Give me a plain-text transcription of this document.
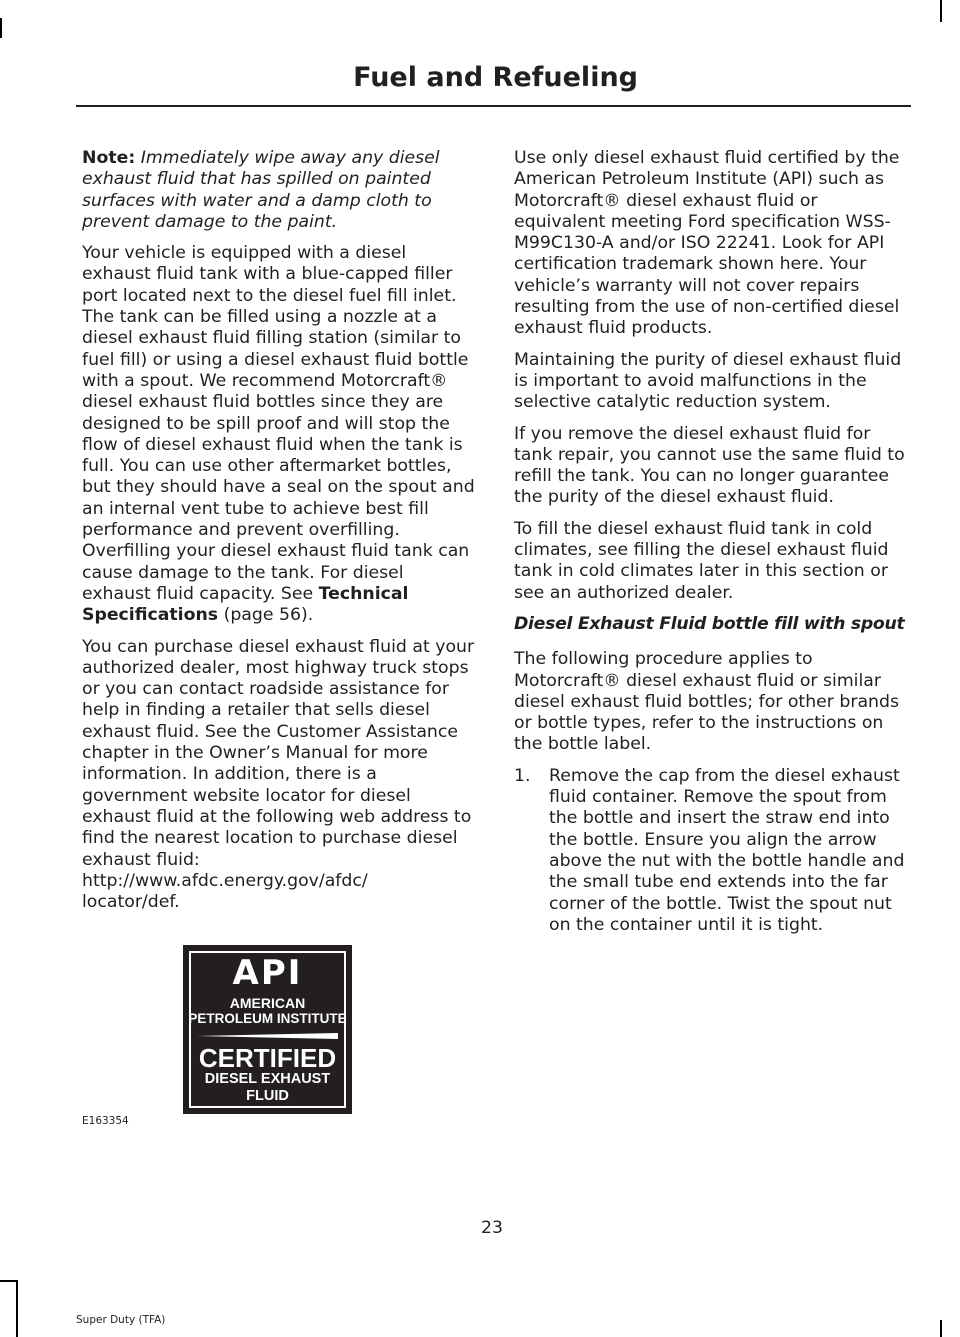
Fuel and Refueling

Note: Immediately wipe away any diesel exhaust fluid that has spilled on painted surfaces with water and a damp cloth to prevent damage to the paint.

Your vehicle is equipped with a diesel exhaust fluid tank with a blue-capped filler port located next to the diesel fuel fill inlet. The tank can be filled using a nozzle at a diesel exhaust fluid filling station (similar to fuel fill) or using a diesel exhaust fluid bottle with a spout. We recommend Motorcraft® diesel exhaust fluid bottles since they are designed to be spill proof and will stop the flow of diesel exhaust fluid when the tank is full. You can use other aftermarket bottles, but they should have a seal on the spout and an internal vent tube to achieve best fill performance and prevent overfilling. Overfilling your diesel exhaust fluid tank can cause damage to the tank. For diesel exhaust fluid capacity. See Technical Specifications (page 56).

You can purchase diesel exhaust fluid at your authorized dealer, most highway truck stops or you can contact roadside assistance for help in finding a retailer that sells diesel exhaust fluid. See the Customer Assistance chapter in the Owner’s Manual for more information. In addition, there is a government website locator for diesel exhaust fluid at the following web address to find the nearest location to purchase diesel exhaust fluid:
http://www.afdc.energy.gov/afdc/
locator/def.

API
AMERICAN
PETROLEUM INSTITUTE
CERTIFIED
DIESEL EXHAUST
FLUID
E163354

Use only diesel exhaust fluid certified by the American Petroleum Institute (API) such as Motorcraft® diesel exhaust fluid or equivalent meeting Ford specification WSS-M99C130-A and/or ISO 22241. Look for API certification trademark shown here. Your vehicle’s warranty will not cover repairs resulting from the use of non-certified diesel exhaust fluid products.

Maintaining the purity of diesel exhaust fluid is important to avoid malfunctions in the selective catalytic reduction system.

If you remove the diesel exhaust fluid for tank repair, you cannot use the same fluid to refill the tank. You can no longer guarantee the purity of the diesel exhaust fluid.

To fill the diesel exhaust fluid tank in cold climates, see filling the diesel exhaust fluid tank in cold climates later in this section or see an authorized dealer.

Diesel Exhaust Fluid bottle fill with spout

The following procedure applies to Motorcraft® diesel exhaust fluid or similar diesel exhaust fluid bottles; for other brands or bottle types, refer to the instructions on the bottle label.

1.	Remove the cap from the diesel exhaust fluid container. Remove the spout from the bottle and insert the straw end into the bottle. Ensure you align the arrow above the nut with the bottle handle and the small tube end extends into the far corner of the bottle. Twist the spout nut on the container until it is tight.
23
Super Duty (TFA)
